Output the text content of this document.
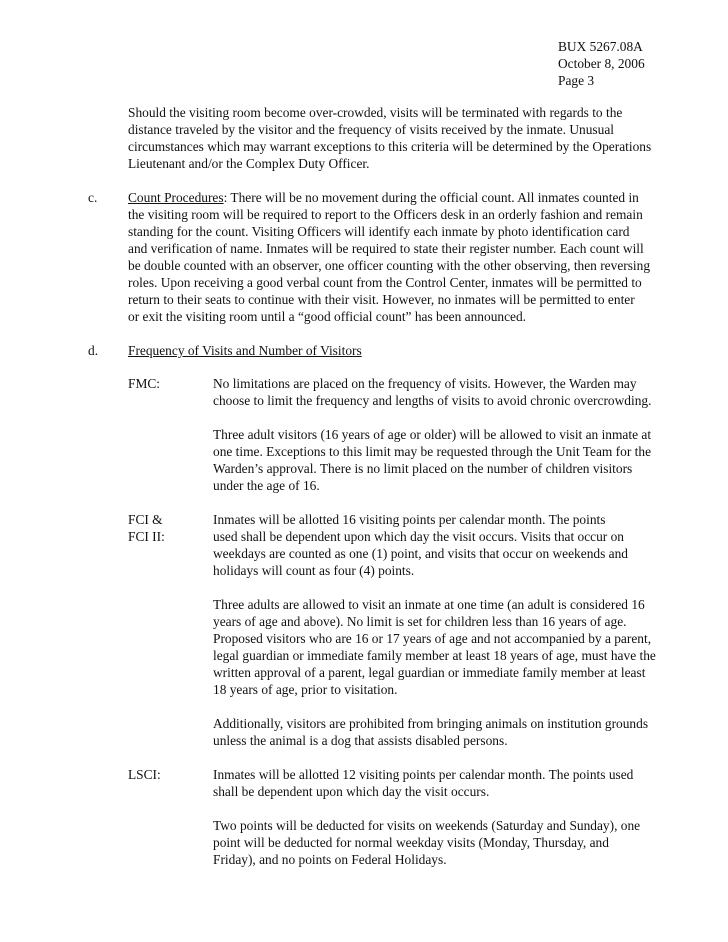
BUX 5267.08A
October 8, 2006
Page 3
Should the visiting room become over-crowded, visits will be terminated with regards to the
distance traveled by the visitor and the frequency of visits received by the inmate. Unusual
circumstances which may warrant exceptions to this criteria will be determined by the Operations
Lieutenant and/or the Complex Duty Officer.
c. Count Procedures: There will be no movement during the official count. All inmates counted in
the visiting room will be required to report to the Officers desk in an orderly fashion and remain
standing for the count. Visiting Officers will identify each inmate by photo identification card
and verification of name. Inmates will be required to state their register number. Each count will
be double counted with an observer, one officer counting with the other observing, then reversing
roles. Upon receiving a good verbal count from the Control Center, inmates will be permitted to
return to their seats to continue with their visit. However, no inmates will be permitted to enter
or exit the visiting room until a “good official count” has been announced.
d. Frequency of Visits and Number of Visitors
FMC:	No limitations are placed on the frequency of visits. However, the Warden may
choose to limit the frequency and lengths of visits to avoid chronic overcrowding.
Three adult visitors (16 years of age or older) will be allowed to visit an inmate at
one time. Exceptions to this limit may be requested through the Unit Team for the
Warden’s approval. There is no limit placed on the number of children visitors
under the age of 16.
FCI &
FCI II:
Inmates will be allotted 16 visiting points per calendar month. The points
used shall be dependent upon which day the visit occurs. Visits that occur on
weekdays are counted as one (1) point, and visits that occur on weekends and
holidays will count as four (4) points.
Three adults are allowed to visit an inmate at one time (an adult is considered 16
years of age and above). No limit is set for children less than 16 years of age.
Proposed visitors who are 16 or 17 years of age and not accompanied by a parent,
legal guardian or immediate family member at least 18 years of age, must have the
written approval of a parent, legal guardian or immediate family member at least
18 years of age, prior to visitation.
Additionally, visitors are prohibited from bringing animals on institution grounds
unless the animal is a dog that assists disabled persons.
LSCI:	Inmates will be allotted 12 visiting points per calendar month. The points used
shall be dependent upon which day the visit occurs.
Two points will be deducted for visits on weekends (Saturday and Sunday), one
point will be deducted for normal weekday visits (Monday, Thursday, and
Friday), and no points on Federal Holidays.
